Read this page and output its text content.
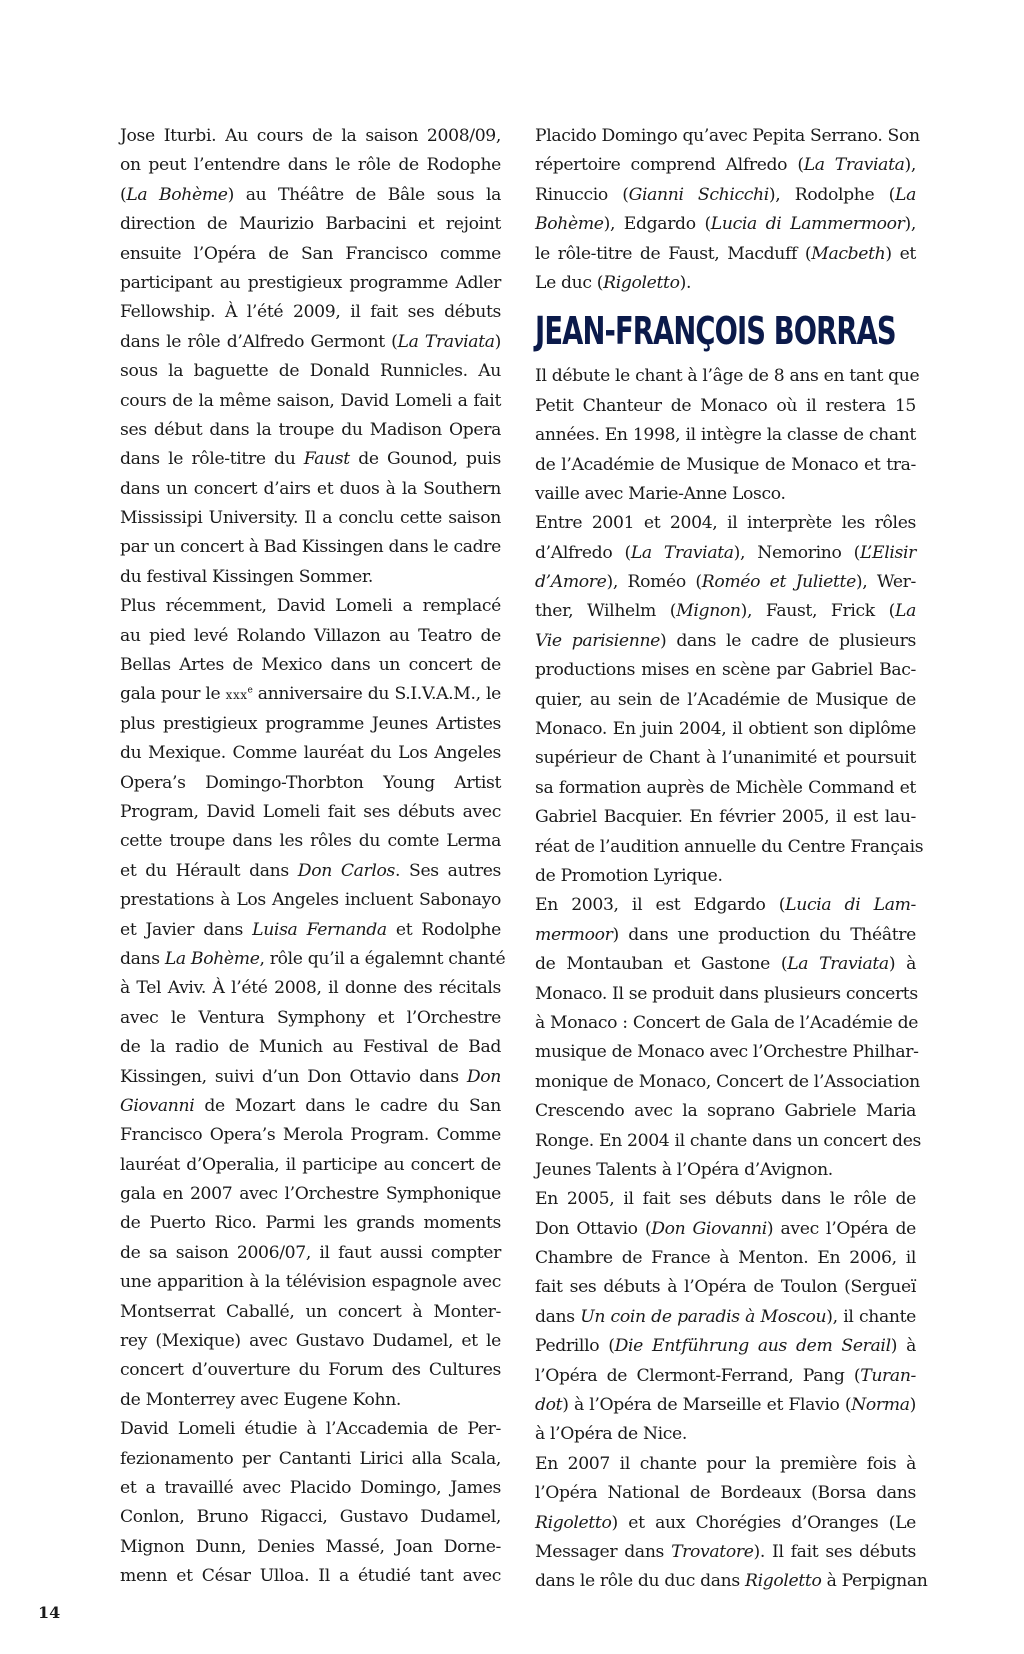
Jose Iturbi. Au cours de la saison 2008/09,
on peut l’entendre dans le rôle de Rodophe
(La Bohème) au Théâtre de Bâle sous la
direction de Maurizio Barbacini et rejoint
ensuite l’Opéra de San Francisco comme
participant au prestigieux programme Adler
Fellowship. À l’été 2009, il fait ses débuts
dans le rôle d’Alfredo Germont (La Traviata)
sous la baguette de Donald Runnicles. Au
cours de la même saison, David Lomeli a fait
ses début dans la troupe du Madison Opera
dans le rôle-titre du Faust de Gounod, puis
dans un concert d’airs et duos à la Southern
Mississipi University. Il a conclu cette saison
par un concert à Bad Kissingen dans le cadre
du festival Kissingen Sommer.
Plus récemment, David Lomeli a remplacé
au pied levé Rolando Villazon au Teatro de
Bellas Artes de Mexico dans un concert de
gala pour le xxx$^e$ anniversaire du S.I.V.A.M., le
plus prestigieux programme Jeunes Artistes
du Mexique. Comme lauréat du Los Angeles
Opera’s Domingo-Thorbton Young Artist
Program, David Lomeli fait ses débuts avec
cette troupe dans les rôles du comte Lerma
et du Hérault dans Don Carlos. Ses autres
prestations à Los Angeles incluent Sabonayo
et Javier dans Luisa Fernanda et Rodolphe
dans La Bohème, rôle qu’il a égalemnt chanté
à Tel Aviv. À l’été 2008, il donne des récitals
avec le Ventura Symphony et l’Orchestre
de la radio de Munich au Festival de Bad
Kissingen, suivi d’un Don Ottavio dans Don
Giovanni de Mozart dans le cadre du San
Francisco Opera’s Merola Program. Comme
lauréat d’Operalia, il participe au concert de
gala en 2007 avec l’Orchestre Symphonique
de Puerto Rico. Parmi les grands moments
de sa saison 2006/07, il faut aussi compter
une apparition à la télévision espagnole avec
Montserrat Caballé, un concert à Monter-
rey (Mexique) avec Gustavo Dudamel, et le
concert d’ouverture du Forum des Cultures
de Monterrey avec Eugene Kohn.
David Lomeli étudie à l’Accademia de Per-
fezionamento per Cantanti Lirici alla Scala,
et a travaillé avec Placido Domingo, James
Conlon, Bruno Rigacci, Gustavo Dudamel,
Mignon Dunn, Denies Massé, Joan Dorne-
menn et César Ulloa. Il a étudié tant avec
Placido Domingo qu’avec Pepita Serrano. Son
répertoire comprend Alfredo (La Traviata),
Rinuccio (Gianni Schicchi), Rodolphe (La
Bohème), Edgardo (Lucia di Lammermoor),
le rôle-titre de Faust, Macduff (Macbeth) et
Le duc (Rigoletto).
JEAN-FRANÇOIS BORRAS
Il débute le chant à l’âge de 8 ans en tant que
Petit Chanteur de Monaco où il restera 15
années. En 1998, il intègre la classe de chant
de l’Académie de Musique de Monaco et tra-
vaille avec Marie-Anne Losco.
Entre 2001 et 2004, il interprète les rôles
d’Alfredo (La Traviata), Nemorino (L’Elisir
d’Amore), Roméo (Roméo et Juliette), Wer-
ther, Wilhelm (Mignon), Faust, Frick (La
Vie parisienne) dans le cadre de plusieurs
productions mises en scène par Gabriel Bac-
quier, au sein de l’Académie de Musique de
Monaco. En juin 2004, il obtient son diplôme
supérieur de Chant à l’unanimité et poursuit
sa formation auprès de Michèle Command et
Gabriel Bacquier. En février 2005, il est lau-
réat de l’audition annuelle du Centre Français
de Promotion Lyrique.
En 2003, il est Edgardo (Lucia di Lam-
mermoor) dans une production du Théâtre
de Montauban et Gastone (La Traviata) à
Monaco. Il se produit dans plusieurs concerts
à Monaco : Concert de Gala de l’Académie de
musique de Monaco avec l’Orchestre Philhar-
monique de Monaco, Concert de l’Association
Crescendo avec la soprano Gabriele Maria
Ronge. En 2004 il chante dans un concert des
Jeunes Talents à l’Opéra d’Avignon.
En 2005, il fait ses débuts dans le rôle de
Don Ottavio (Don Giovanni) avec l’Opéra de
Chambre de France à Menton. En 2006, il
fait ses débuts à l’Opéra de Toulon (Sergueï
dans Un coin de paradis à Moscou), il chante
Pedrillo (Die Entführung aus dem Serail) à
l’Opéra de Clermont-Ferrand, Pang (Turan-
dot) à l’Opéra de Marseille et Flavio (Norma)
à l’Opéra de Nice.
En 2007 il chante pour la première fois à
l’Opéra National de Bordeaux (Borsa dans
Rigoletto) et aux Chorégies d’Oranges (Le
Messager dans Trovatore). Il fait ses débuts
dans le rôle du duc dans Rigoletto à Perpignan
14
